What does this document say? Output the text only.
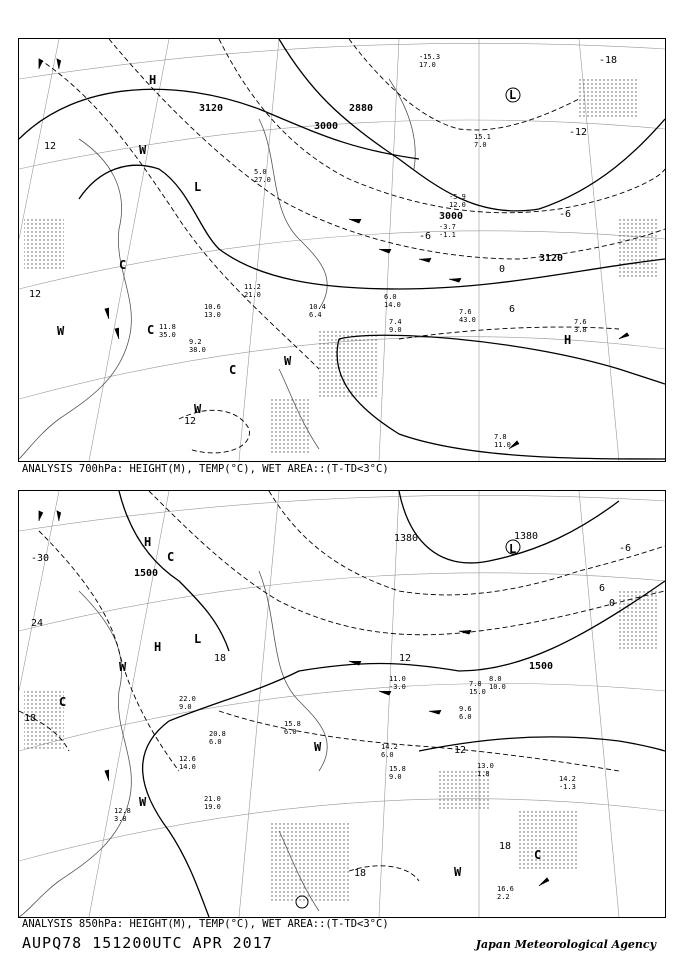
3000
3120
3120
3000
2880
12
-6
0
6
12
-12
-18
12
-6
H
L
H
L
C
C
C
W
W
W
W
7.6
43.0
7.4
9.0
6.0
14.0
10.4
6.4
11.2
21.0
9.2
38.0
11.8
35.0
10.6
13.0
7.8
11.0
7.6
3.8
5.0
27.0
-3.7
-1.1
-5.9
12.0
15.1
7.0
-15.3
17.0
ANALYSIS 700hPa: HEIGHT(M), TEMP(°C), WET AREA::(T-TD<3°C)
1500
1500
1380	1380
-30
24
18
18	12
12
6
0
-6
18
18
H
H
L
L
C
C
C
W
W
W
W
16.6
2.2
13.0
1.8
14.2
-1.3
15.8
9.0
14.2
6.0
20.8
6.0
22.0
9.0
15.8
6.0
12.6
14.0
21.0
19.0
12.8
3.8
9.6
6.0
11.0
-3.0	7.8
15.0
8.0
10.0
ANALYSIS 850hPa: HEIGHT(M), TEMP(°C), WET AREA::(T-TD<3°C)
AUPQ78 151200UTC APR 2017	Japan Meteorological Agency
